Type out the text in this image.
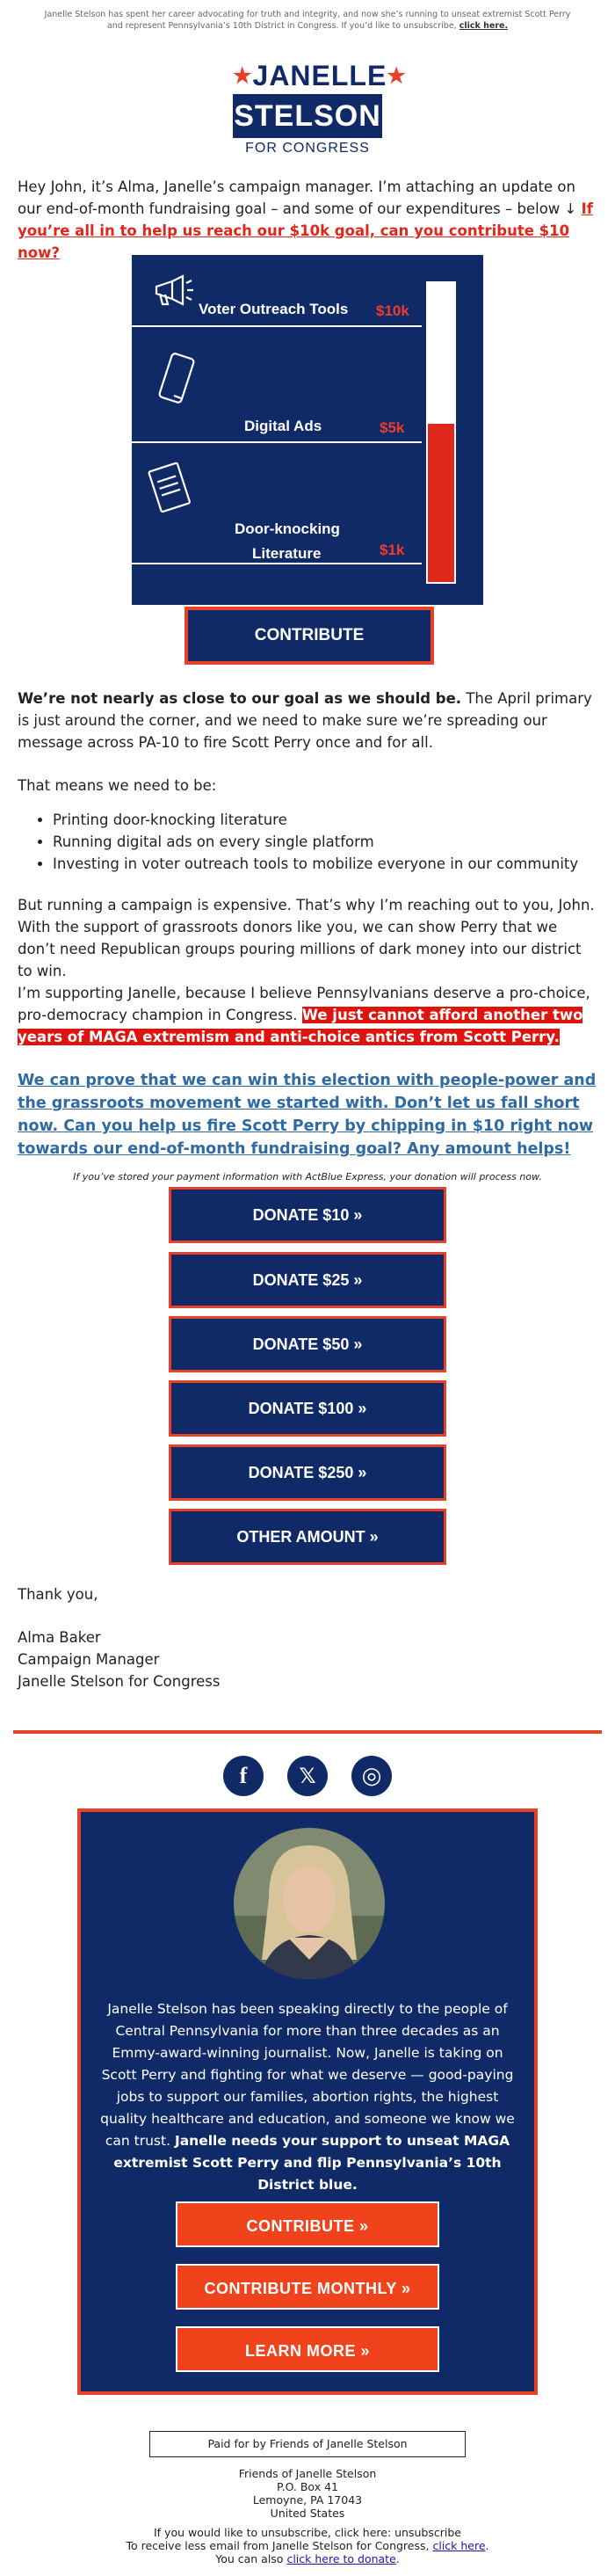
Janelle Stelson has spent her career advocating for truth and integrity, and now she’s running to unseat extremist Scott Perry and represent Pennsylvania’s 10th District in Congress. If you’d like to unsubscribe, click here.
★JANELLE★
STELSON
FOR CONGRESS
Hey John, it’s Alma, Janelle’s campaign manager. I’m attaching an update on our end-of-month fundraising goal – and some of our expenditures – below ↓ If you’re all in to help us reach our $10k goal, can you contribute $10 now?
Voter Outreach Tools $10k
Digital Ads	$5k
Door-knocking
Literature	$1k
CONTRIBUTE
We’re not nearly as close to our goal as we should be. The April primary is just around the corner, and we need to make sure we’re spreading our message across PA-10 to fire Scott Perry once and for all.
That means we need to be:
• Printing door-knocking literature
• Running digital ads on every single platform
• Investing in voter outreach tools to mobilize everyone in our community
But running a campaign is expensive. That’s why I’m reaching out to you, John. With the support of grassroots donors like you, we can show Perry that we don’t need Republican groups pouring millions of dark money into our district to win.
I’m supporting Janelle, because I believe Pennsylvanians deserve a pro-choice, pro-democracy champion in Congress. We just cannot afford another two years of MAGA extremism and anti-choice antics from Scott Perry.
We can prove that we can win this election with people-power and the grassroots movement we started with. Don’t let us fall short now. Can you help us fire Scott Perry by chipping in $10 right now towards our end-of-month fundraising goal? Any amount helps!
If you’ve stored your payment information with ActBlue Express, your donation will process now.
DONATE $10 »
DONATE $25 »
DONATE $50 »
DONATE $100 »
DONATE $250 »
OTHER AMOUNT »
Thank you,
Alma Baker
Campaign Manager
Janelle Stelson for Congress
f	𝕏	◎
Janelle Stelson has been speaking directly to the people of Central Pennsylvania for more than three decades as an Emmy-award-winning journalist. Now, Janelle is taking on Scott Perry and fighting for what we deserve — good-paying jobs to support our families, abortion rights, the highest quality healthcare and education, and someone we know we can trust. Janelle needs your support to unseat MAGA extremist Scott Perry and flip Pennsylvania’s 10th District blue.
CONTRIBUTE »
CONTRIBUTE MONTHLY »
LEARN MORE »
Paid for by Friends of Janelle Stelson
Friends of Janelle Stelson
P.O. Box 41
Lemoyne, PA 17043
United States
If you would like to unsubscribe, click here: unsubscribe
To receive less email from Janelle Stelson for Congress, click here.
You can also click here to donate.
